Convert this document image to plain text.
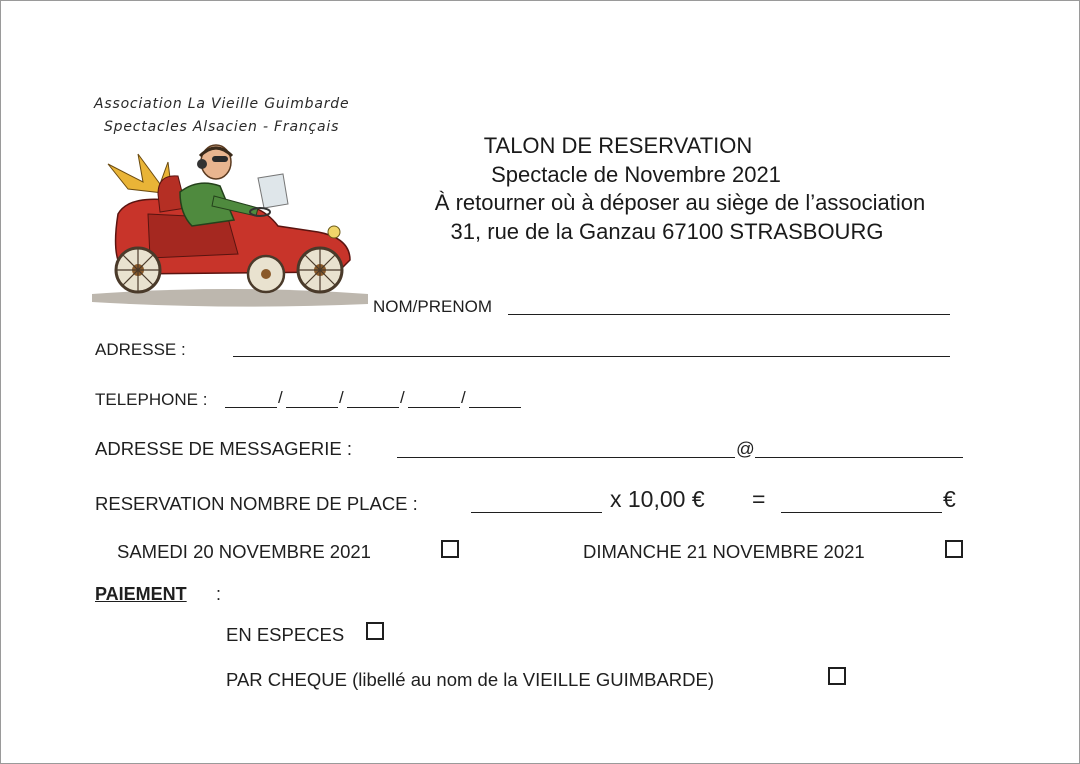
Association La Vieille Guimbarde
Spectacles Alsacien - Français
TALON DE RESERVATION
Spectacle de Novembre 2021
À retourner où à déposer au siège de l’association
31, rue de la Ganzau 67100 STRASBOURG
NOM/PRENOM
ADRESSE :
TELEPHONE :	/	/	/	/
ADRESSE DE MESSAGERIE :	@
RESERVATION NOMBRE DE PLACE :	x 10,00 € =	€
SAMEDI 20 NOVEMBRE 2021	DIMANCHE 21 NOVEMBRE 2021
PAIEMENT :
EN ESPECES
PAR CHEQUE (libellé au nom de la VIEILLE GUIMBARDE)
